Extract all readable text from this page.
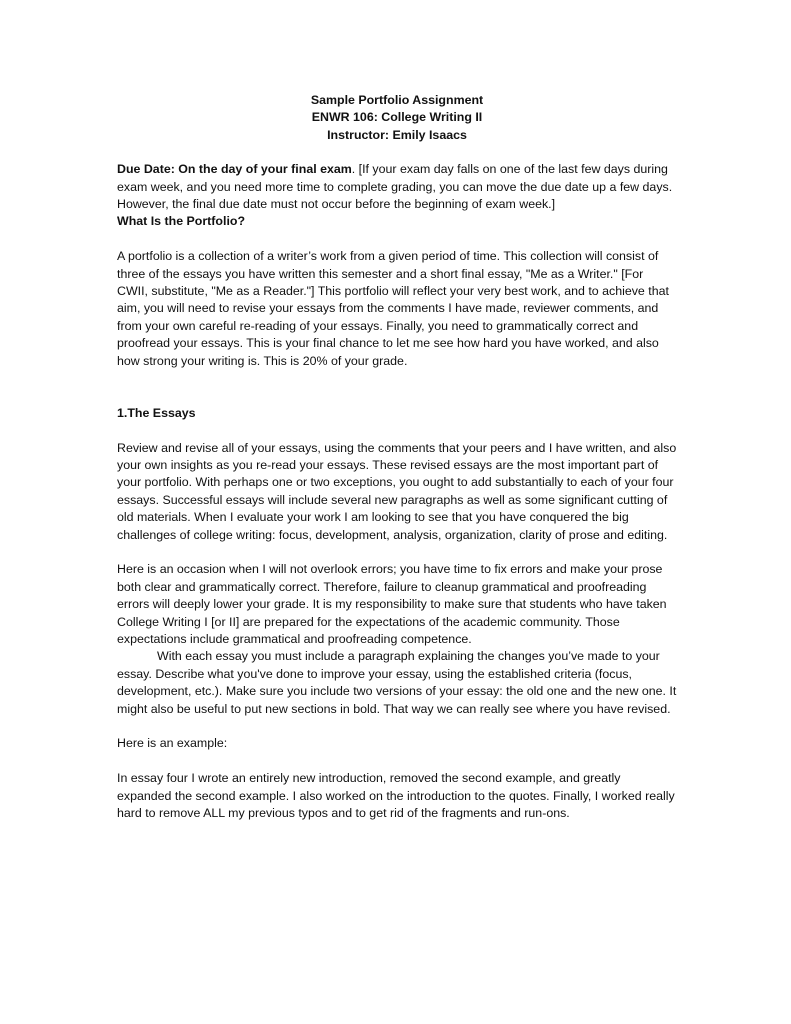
Sample Portfolio Assignment
ENWR 106: College Writing II
Instructor: Emily Isaacs
Due Date: On the day of your final exam. [If your exam day falls on one of the last few days during exam week, and you need more time to complete grading, you can move the due date up a few days. However, the final due date must not occur before the beginning of exam week.]
What Is the Portfolio?

A portfolio is a collection of a writer’s work from a given period of time. This collection will consist of three of the essays you have written this semester and a short final essay, "Me as a Writer." [For CWII, substitute, "Me as a Reader."] This portfolio will reflect your very best work, and to achieve that aim, you will need to revise your essays from the comments I have made, reviewer comments, and from your own careful re-reading of your essays. Finally, you need to grammatically correct and proofread your essays. This is your final chance to let me see how hard you have worked, and also how strong your writing is. This is 20% of your grade.

1.The Essays

Review and revise all of your essays, using the comments that your peers and I have written, and also your own insights as you re-read your essays. These revised essays are the most important part of your portfolio. With perhaps one or two exceptions, you ought to add substantially to each of your four essays. Successful essays will include several new paragraphs as well as some significant cutting of old materials. When I evaluate your work I am looking to see that you have conquered the big challenges of college writing: focus, development, analysis, organization, clarity of prose and editing.

Here is an occasion when I will not overlook errors; you have time to fix errors and make your prose both clear and grammatically correct. Therefore, failure to cleanup grammatical and proofreading errors will deeply lower your grade. It is my responsibility to make sure that students who have taken College Writing I [or II] are prepared for the expectations of the academic community. Those expectations include grammatical and proofreading competence.

With each essay you must include a paragraph explaining the changes you’ve made to your essay. Describe what you've done to improve your essay, using the established criteria (focus, development, etc.). Make sure you include two versions of your essay: the old one and the new one. It might also be useful to put new sections in bold. That way we can really see where you have revised.

Here is an example:

In essay four I wrote an entirely new introduction, removed the second example, and greatly expanded the second example. I also worked on the introduction to the quotes. Finally, I worked really hard to remove ALL my previous typos and to get rid of the fragments and run-ons.
